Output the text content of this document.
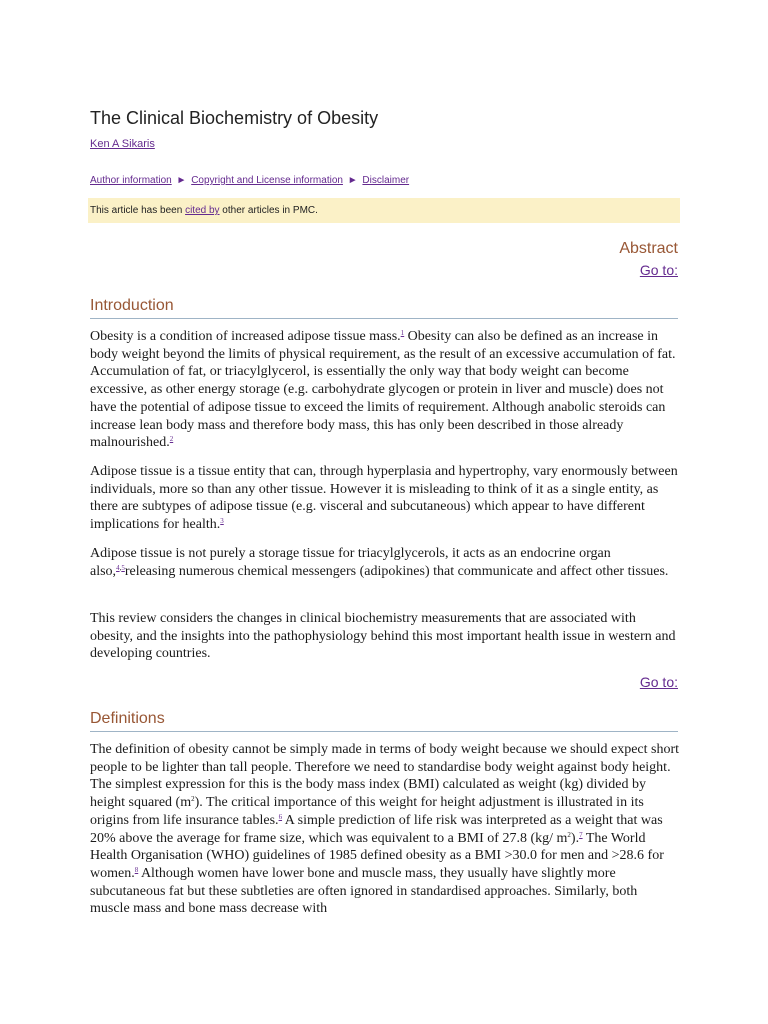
The Clinical Biochemistry of Obesity
Ken A Sikaris
Author information ► Copyright and License information ► Disclaimer
This article has been cited by other articles in PMC.
Abstract
Go to:
Introduction

Obesity is a condition of increased adipose tissue mass.$^1$ Obesity can also be defined as an increase in body weight beyond the limits of physical requirement, as the result of an excessive accumulation of fat. Accumulation of fat, or triacylglycerol, is essentially the only way that body weight can become excessive, as other energy storage (e.g. carbohydrate glycogen or protein in liver and muscle) does not have the potential of adipose tissue to exceed the limits of requirement. Although anabolic steroids can increase lean body mass and therefore body mass, this has only been described in those already malnourished.$^2$

Adipose tissue is a tissue entity that can, through hyperplasia and hypertrophy, vary enormously between individuals, more so than any other tissue. However it is misleading to think of it as a single entity, as there are subtypes of adipose tissue (e.g. visceral and subcutaneous) which appear to have different implications for health.$^3$

Adipose tissue is not purely a storage tissue for triacylglycerols, it acts as an endocrine organ also,$^{4,5}$releasing numerous chemical messengers (adipokines) that communicate and affect other tissues.

This review considers the changes in clinical biochemistry measurements that are associated with obesity, and the insights into the pathophysiology behind this most important health issue in western and developing countries.

Go to:
Definitions

The definition of obesity cannot be simply made in terms of body weight because we should expect short people to be lighter than tall people. Therefore we need to standardise body weight against body height. The simplest expression for this is the body mass index (BMI) calculated as weight (kg) divided by height squared $(m^2)$. The critical importance of this weight for height adjustment is illustrated in its origins from life insurance tables.$^6$ A simple prediction of life risk was interpreted as a weight that was 20% above the average for frame size, which was equivalent to a BMI of 27.8 (kg/ $m^2).^7$ The World Health Organisation (WHO) guidelines of 1985 defined obesity as a BMI >30.0 for men and >28.6 for women.$^8$ Although women have lower bone and muscle mass, they usually have slightly more subcutaneous fat but these subtleties are often ignored in standardised approaches. Similarly, both muscle mass and bone mass decrease with
